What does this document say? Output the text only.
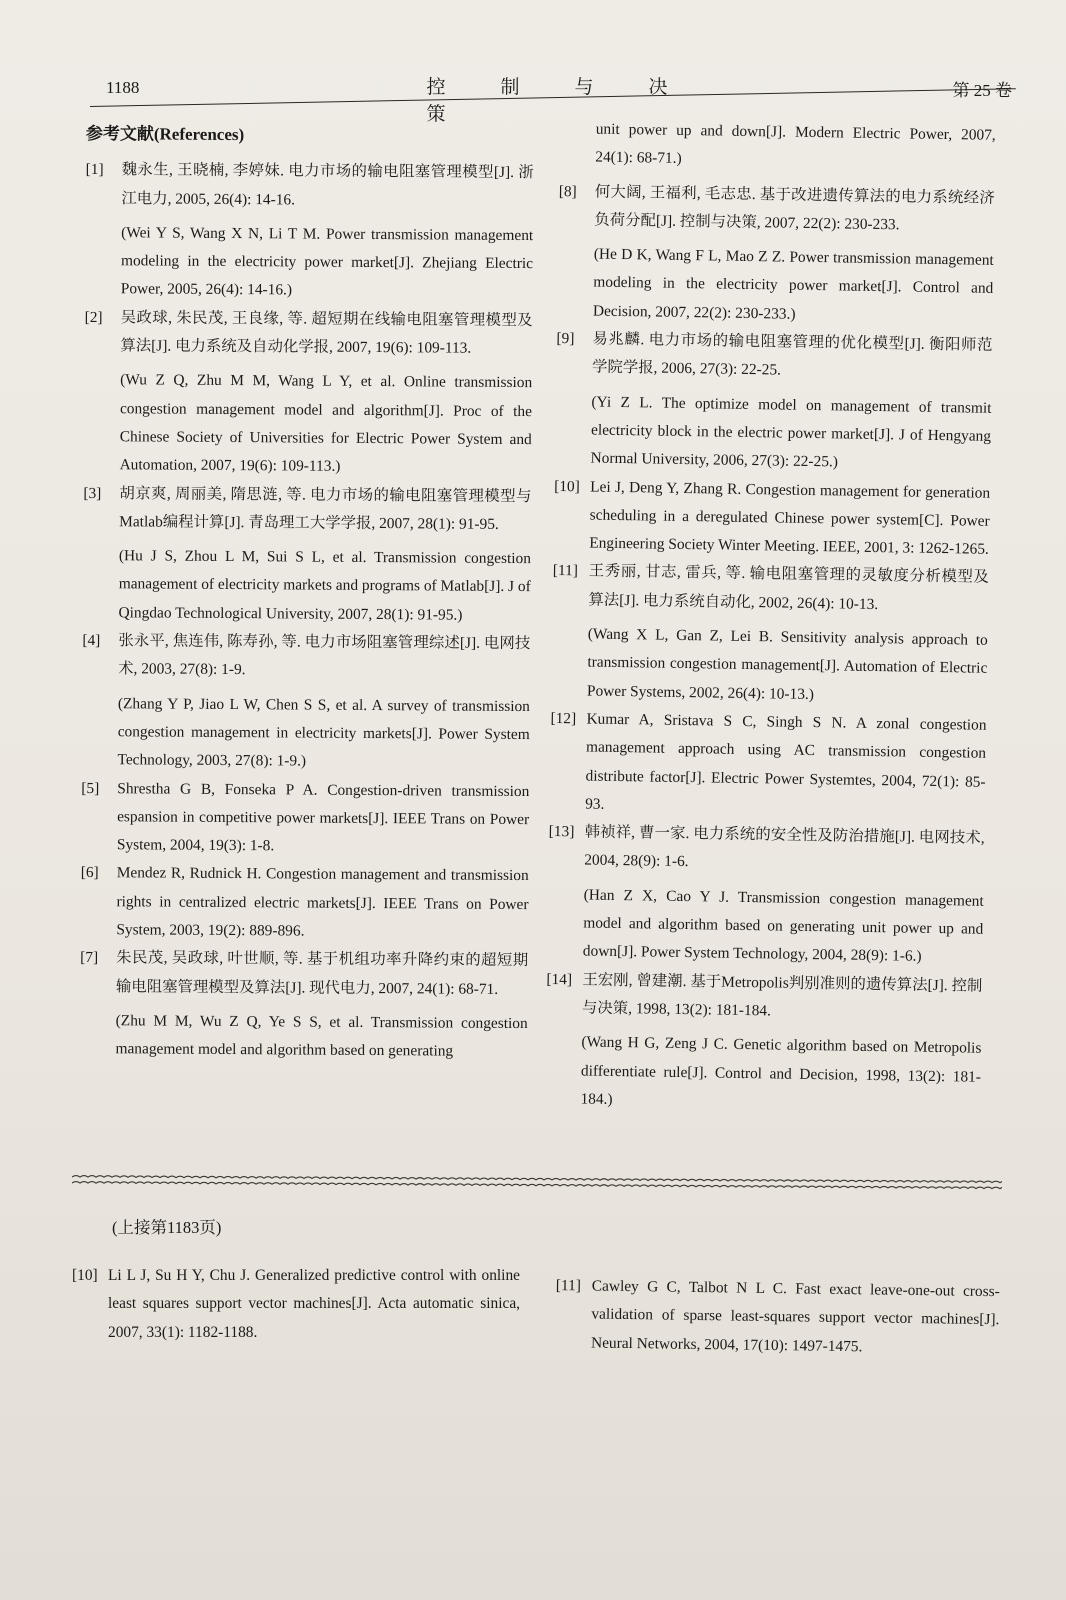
1188	控	制	与	决策
第 25 卷
参考文献(References)
[1]	魏永生, 王晓楠, 李婷妹. 电力市场的输电阻塞管理模型[J]. 浙江电力, 2005, 26(4): 14-16.

(Wei Y S, Wang X N, Li T M. Power transmission management modeling in the electricity power market[J]. Zhejiang Electric Power, 2005, 26(4): 14-16.)

[2]	吴政球, 朱民茂, 王良缘, 等. 超短期在线输电阻塞管理模型及算法[J]. 电力系统及自动化学报, 2007, 19(6): 109-113.

(Wu Z Q, Zhu M M, Wang L Y, et al. Online transmission congestion management model and algorithm[J]. Proc of the Chinese Society of Universities for Electric Power System and Automation, 2007, 19(6): 109-113.)

[3]	胡京爽, 周丽美, 隋思涟, 等. 电力市场的输电阻塞管理模型与Matlab编程计算[J]. 青岛理工大学学报, 2007, 28(1): 91-95.

(Hu J S, Zhou L M, Sui S L, et al. Transmission congestion management of electricity markets and programs of Matlab[J]. J of Qingdao Technological University, 2007, 28(1): 91-95.)

[4]	张永平, 焦连伟, 陈寿孙, 等. 电力市场阻塞管理综述[J]. 电网技术, 2003, 27(8): 1-9.

(Zhang Y P, Jiao L W, Chen S S, et al. A survey of transmission congestion management in electricity markets[J]. Power System Technology, 2003, 27(8): 1-9.)

[5]	Shrestha G B, Fonseka P A. Congestion-driven transmission espansion in competitive power markets[J]. IEEE Trans on Power System, 2004, 19(3): 1-8.

[6]	Mendez R, Rudnick H. Congestion management and transmission rights in centralized electric markets[J]. IEEE Trans on Power System, 2003, 19(2): 889-896.

[7]	朱民茂, 吴政球, 叶世顺, 等. 基于机组功率升降约束的超短期输电阻塞管理模型及算法[J]. 现代电力, 2007, 24(1): 68-71.

(Zhu M M, Wu Z Q, Ye S S, et al. Transmission congestion management model and algorithm based on generating

unit power up and down[J]. Modern Electric Power, 2007, 24(1): 68-71.)

[8]	何大阔, 王福利, 毛志忠. 基于改进遗传算法的电力系统经济负荷分配[J]. 控制与决策, 2007, 22(2): 230-233.

(He D K, Wang F L, Mao Z Z. Power transmission management modeling in the electricity power market[J]. Control and Decision, 2007, 22(2): 230-233.)

[9]	易兆麟. 电力市场的输电阻塞管理的优化模型[J]. 衡阳师范学院学报, 2006, 27(3): 22-25.

(Yi Z L. The optimize model on management of transmit electricity block in the electric power market[J]. J of Hengyang Normal University, 2006, 27(3): 22-25.)

[10] Lei J, Deng Y, Zhang R. Congestion management for generation scheduling in a deregulated Chinese power system[C]. Power Engineering Society Winter Meeting. IEEE, 2001, 3: 1262-1265.

[11] 王秀丽, 甘志, 雷兵, 等. 输电阻塞管理的灵敏度分析模型及算法[J]. 电力系统自动化, 2002, 26(4): 10-13.

(Wang X L, Gan Z, Lei B. Sensitivity analysis approach to transmission congestion management[J]. Automation of Electric Power Systems, 2002, 26(4): 10-13.)

[12] Kumar A, Sristava S C, Singh S N. A zonal congestion management approach using AC transmission congestion distribute factor[J]. Electric Power Systemtes, 2004, 72(1): 85-93.

[13] 韩祯祥, 曹一家. 电力系统的安全性及防治措施[J]. 电网技术, 2004, 28(9): 1-6.

(Han Z X, Cao Y J. Transmission congestion management model and algorithm based on generating unit power up and down[J]. Power System Technology, 2004, 28(9): 1-6.)

[14] 王宏刚, 曾建潮. 基于Metropolis判别准则的遗传算法[J]. 控制与决策, 1998, 13(2): 181-184.

(Wang H G, Zeng J C. Genetic algorithm based on Metropolis differentiate rule[J]. Control and Decision, 1998, 13(2): 181-184.)

(上接第1183页)
[10] Li L J, Su H Y, Chu J. Generalized predictive control with online least squares support vector machines[J]. Acta automatic sinica, 2007, 33(1): 1182-1188.

[11] Cawley G C, Talbot N L C. Fast exact leave-one-out cross-validation of sparse least-squares support vector machines[J]. Neural Networks, 2004, 17(10): 1497-1475.
